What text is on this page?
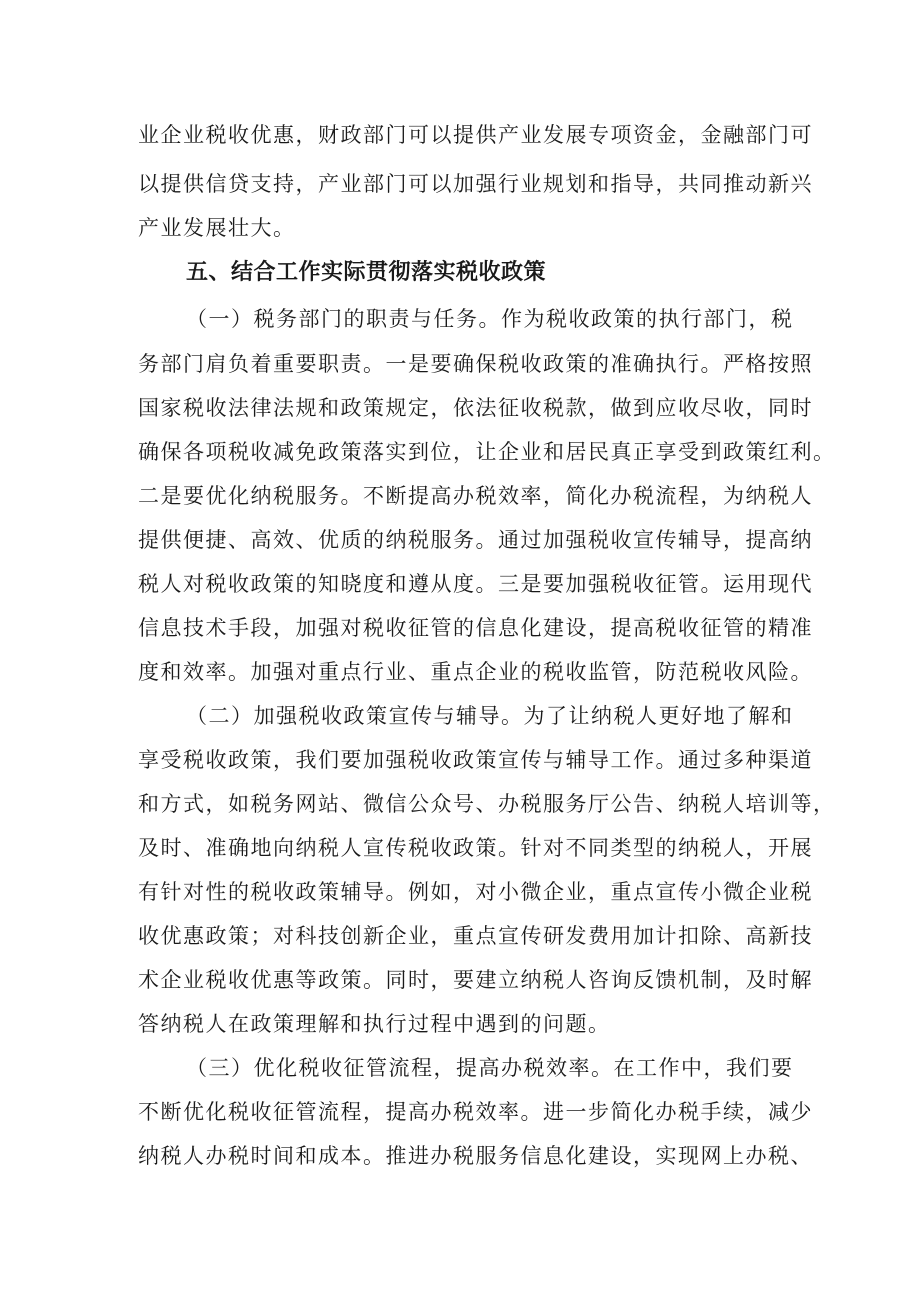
业企业税收优惠，财政部门可以提供产业发展专项资金，金融部门可
以提供信贷支持，产业部门可以加强行业规划和指导，共同推动新兴
产业发展壮大。
五、结合工作实际贯彻落实税收政策
（一）税务部门的职责与任务。作为税收政策的执行部门，税
务部门肩负着重要职责。一是要确保税收政策的准确执行。严格按照
国家税收法律法规和政策规定，依法征收税款，做到应收尽收，同时
确保各项税收减免政策落实到位，让企业和居民真正享受到政策红利。
二是要优化纳税服务。不断提高办税效率，简化办税流程，为纳税人
提供便捷、高效、优质的纳税服务。通过加强税收宣传辅导，提高纳
税人对税收政策的知晓度和遵从度。三是要加强税收征管。运用现代
信息技术手段，加强对税收征管的信息化建设，提高税收征管的精准
度和效率。加强对重点行业、重点企业的税收监管，防范税收风险。
（二）加强税收政策宣传与辅导。为了让纳税人更好地了解和
享受税收政策，我们要加强税收政策宣传与辅导工作。通过多种渠道
和方式，如税务网站、微信公众号、办税服务厅公告、纳税人培训等，
及时、准确地向纳税人宣传税收政策。针对不同类型的纳税人，开展
有针对性的税收政策辅导。例如，对小微企业，重点宣传小微企业税
收优惠政策；对科技创新企业，重点宣传研发费用加计扣除、高新技
术企业税收优惠等政策。同时，要建立纳税人咨询反馈机制，及时解
答纳税人在政策理解和执行过程中遇到的问题。
（三）优化税收征管流程，提高办税效率。在工作中，我们要
不断优化税收征管流程，提高办税效率。进一步简化办税手续，减少
纳税人办税时间和成本。推进办税服务信息化建设，实现网上办税、
